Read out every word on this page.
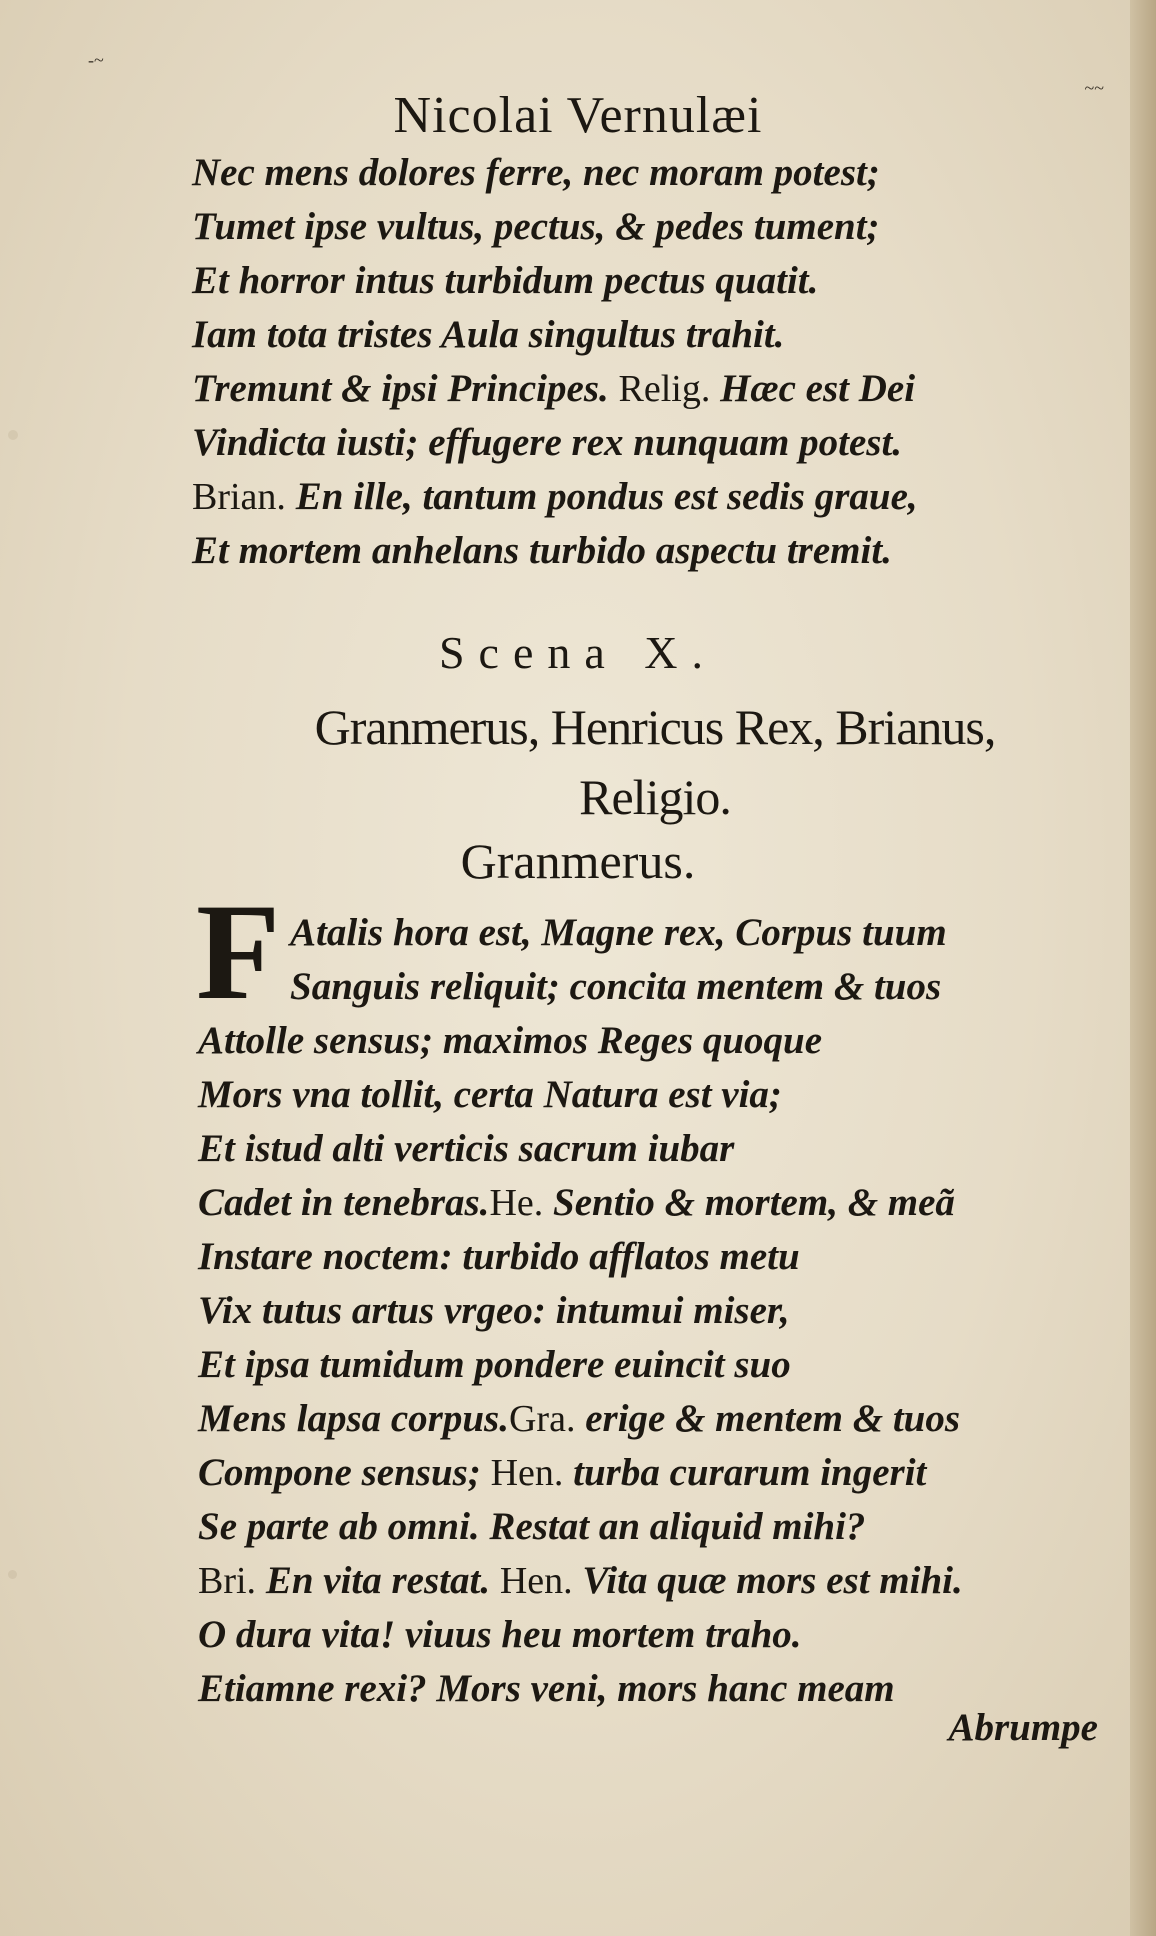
-~
Nicolai Vernulæi	~~
Nec mens dolores ferre, nec moram potest;
Tumet ipse vultus, pectus, & pedes tument;
Et horror intus turbidum pectus quatit.
Iam tota tristes Aula singultus trahit.
Tremunt & ipsi Principes. Relig. Hæc est Dei
Vindicta iusti; effugere rex nunquam potest.
Brian. En ille, tantum pondus est sedis graue,
Et mortem anhelans turbido aspectu tremit.
Scena X.
Granmerus, Henricus Rex, Brianus,
Religio.
Granmerus.
F Atalis hora est, Magne rex, Corpus tuum
Sanguis reliquit; concita mentem & tuos
Attolle sensus; maximos Reges quoque
Mors vna tollit, certa Natura est via;
Et istud alti verticis sacrum iubar
Cadet in tenebras.He. Sentio & mortem, & meã
Instare noctem: turbido afflatos metu
Vix tutus artus vrgeo: intumui miser,
Et ipsa tumidum pondere euincit suo
Mens lapsa corpus.Gra. erige & mentem & tuos
Compone sensus; Hen. turba curarum ingerit
Se parte ab omni. Restat an aliquid mihi?
Bri. En vita restat. Hen. Vita quæ mors est mihi.
O dura vita! viuus heu mortem traho.
Etiamne rexi? Mors veni, mors hanc meam
Abrumpe
